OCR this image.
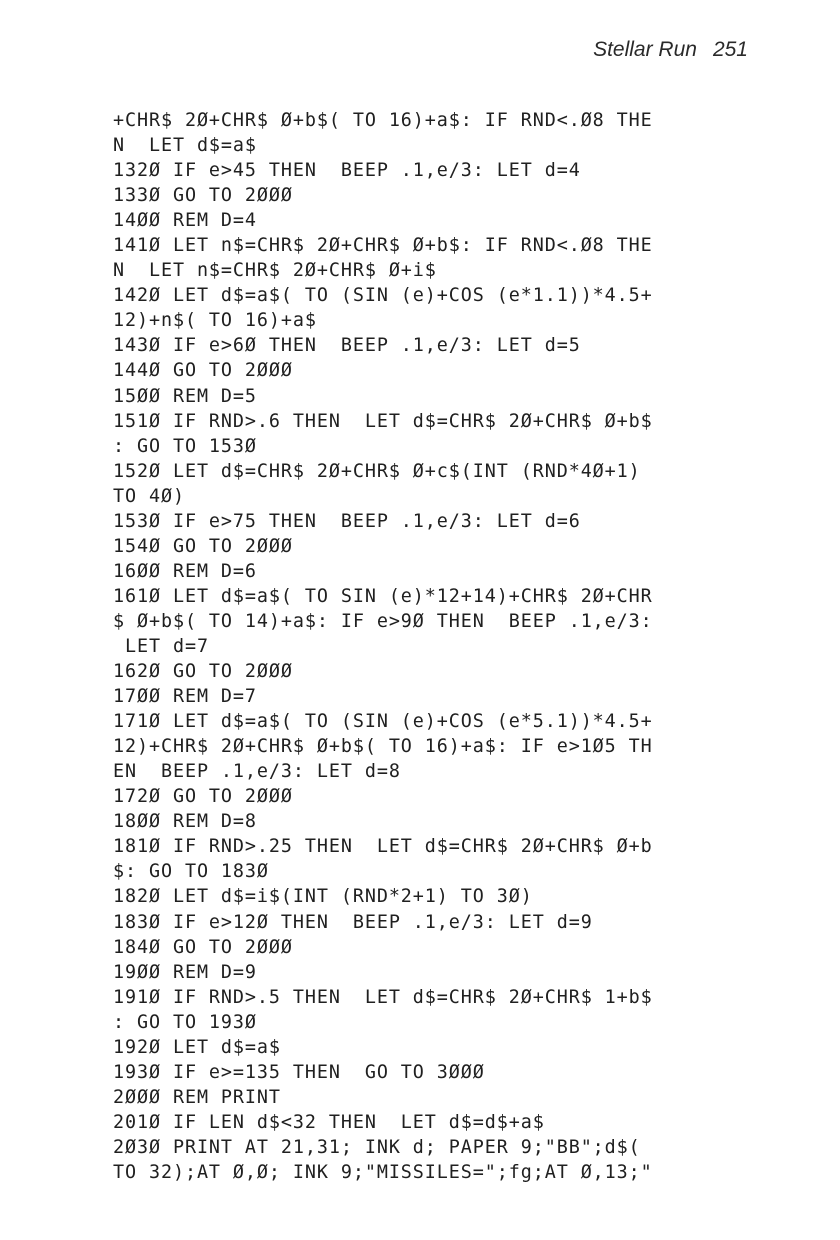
Stellar Run 251
+CHR$ 2Ø+CHR$ Ø+b$( TO 16)+a$: IF RND<.Ø8 THE
N  LET d$=a$
132Ø IF e>45 THEN  BEEP .1,e/3: LET d=4
133Ø GO TO 2ØØØ
14ØØ REM D=4
141Ø LET n$=CHR$ 2Ø+CHR$ Ø+b$: IF RND<.Ø8 THE
N  LET n$=CHR$ 2Ø+CHR$ Ø+i$
142Ø LET d$=a$( TO (SIN (e)+COS (e*1.1))*4.5+
12)+n$( TO 16)+a$
143Ø IF e>6Ø THEN  BEEP .1,e/3: LET d=5
144Ø GO TO 2ØØØ
15ØØ REM D=5
151Ø IF RND>.6 THEN  LET d$=CHR$ 2Ø+CHR$ Ø+b$
: GO TO 153Ø
152Ø LET d$=CHR$ 2Ø+CHR$ Ø+c$(INT (RND*4Ø+1)
TO 4Ø)
153Ø IF e>75 THEN  BEEP .1,e/3: LET d=6
154Ø GO TO 2ØØØ
16ØØ REM D=6
161Ø LET d$=a$( TO SIN (e)*12+14)+CHR$ 2Ø+CHR
$ Ø+b$( TO 14)+a$: IF e>9Ø THEN  BEEP .1,e/3:
LET d=7
162Ø GO TO 2ØØØ
17ØØ REM D=7
171Ø LET d$=a$( TO (SIN (e)+COS (e*5.1))*4.5+
12)+CHR$ 2Ø+CHR$ Ø+b$( TO 16)+a$: IF e>1Ø5 TH
EN  BEEP .1,e/3: LET d=8
172Ø GO TO 2ØØØ
18ØØ REM D=8
181Ø IF RND>.25 THEN  LET d$=CHR$ 2Ø+CHR$ Ø+b
$: GO TO 183Ø
182Ø LET d$=i$(INT (RND*2+1) TO 3Ø)
183Ø IF e>12Ø THEN  BEEP .1,e/3: LET d=9
184Ø GO TO 2ØØØ
19ØØ REM D=9
191Ø IF RND>.5 THEN  LET d$=CHR$ 2Ø+CHR$ 1+b$
: GO TO 193Ø
192Ø LET d$=a$
193Ø IF e>=135 THEN  GO TO 3ØØØ
2ØØØ REM PRINT
201Ø IF LEN d$<32 THEN  LET d$=d$+a$
2Ø3Ø PRINT AT 21,31; INK d; PAPER 9;"BB";d$(
TO 32);AT Ø,Ø; INK 9;"MISSILES=";fg;AT Ø,13;"
